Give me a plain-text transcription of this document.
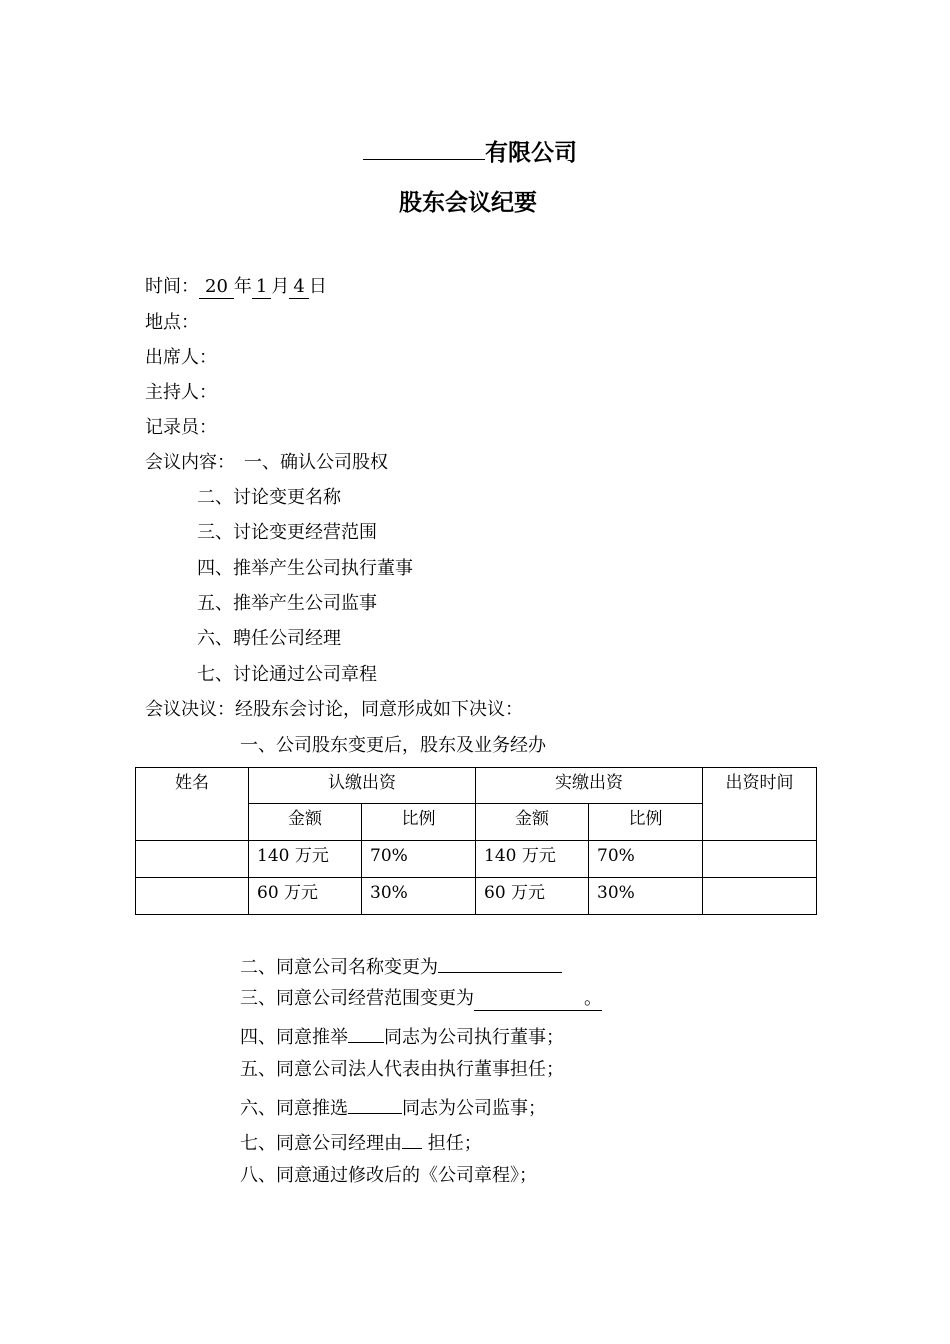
有限公司
股东会议纪要
时间： 20 年 1 月 4 日
地点：
出席人：
主持人：
记录员：
会议内容： 一、确认公司股权
二、讨论变更名称
三、讨论变更经营范围
四、推举产生公司执行董事
五、推举产生公司监事
六、聘任公司经理
七、讨论通过公司章程
会议决议：经股东会讨论，同意形成如下决议：
一、公司股东变更后，股东及业务经办
姓名	认缴出资		实缴出资		出资时间
	金额	比例	金额	比例	
	140 万元	70%	140 万元	70%	
	60 万元	30%	60 万元	30%	
二、同意公司名称变更为
三、同意公司经营范围变更为	。
四、同意推举 同志为公司执行董事；
五、同意公司法人代表由执行董事担任；
六、同意推选	同志为公司监事；
七、同意公司经理由 担任；
八、同意通过修改后的《公司章程》；
